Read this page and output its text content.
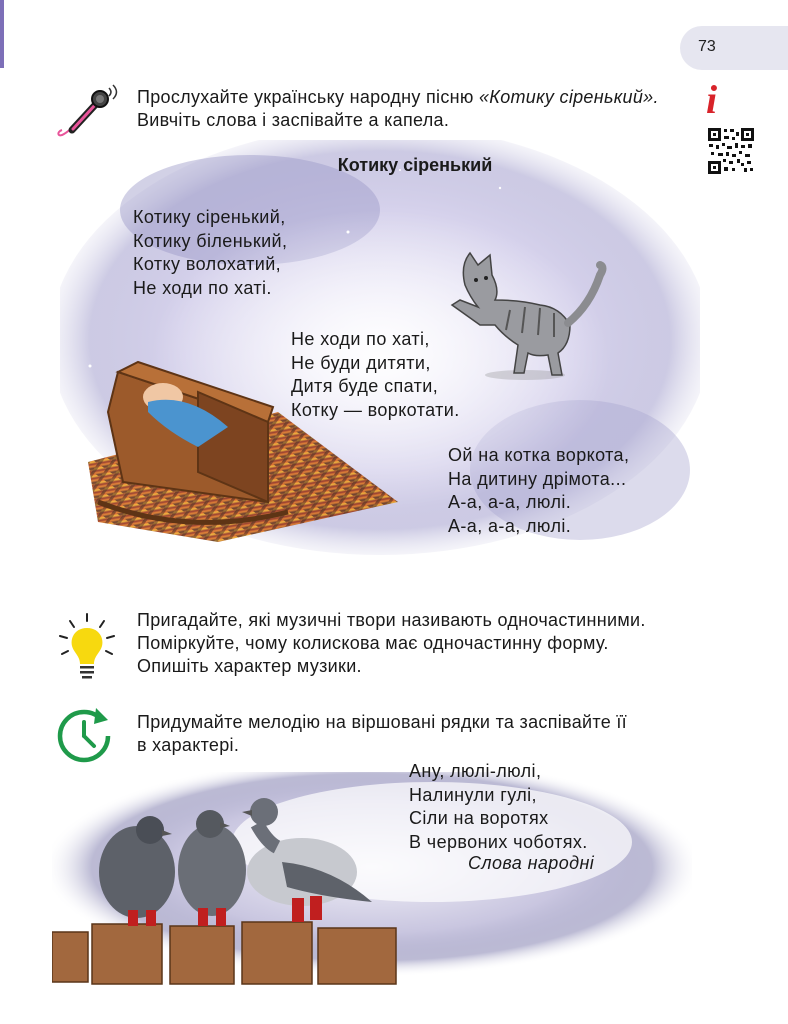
73
Прослухайте українську народну пісню «Котику сіренький».
Вивчіть слова і заспівайте а капела.	i
Котику сіренький
Котику сіренький,
Котику біленький,
Котку волохатий,
Не ходи по хаті.
Не ходи по хаті,
Не буди дитяти,
Дитя буде спати,
Котку — воркотати.
Ой на котка воркота,
На дитину дрімота...
А-а, а-а, люлі.
А-а, а-а, люлі.
Пригадайте, які музичні твори називають одночастинними.
Поміркуйте, чому колискова має одночастинну форму.
Опишіть характер музики.
Придумайте мелодію на віршовані рядки та заспівайте її
в характері.
Ану, люлі-люлі,
Налинули гулі,
Сіли на воротях
В червоних чоботях.
Слова народні
